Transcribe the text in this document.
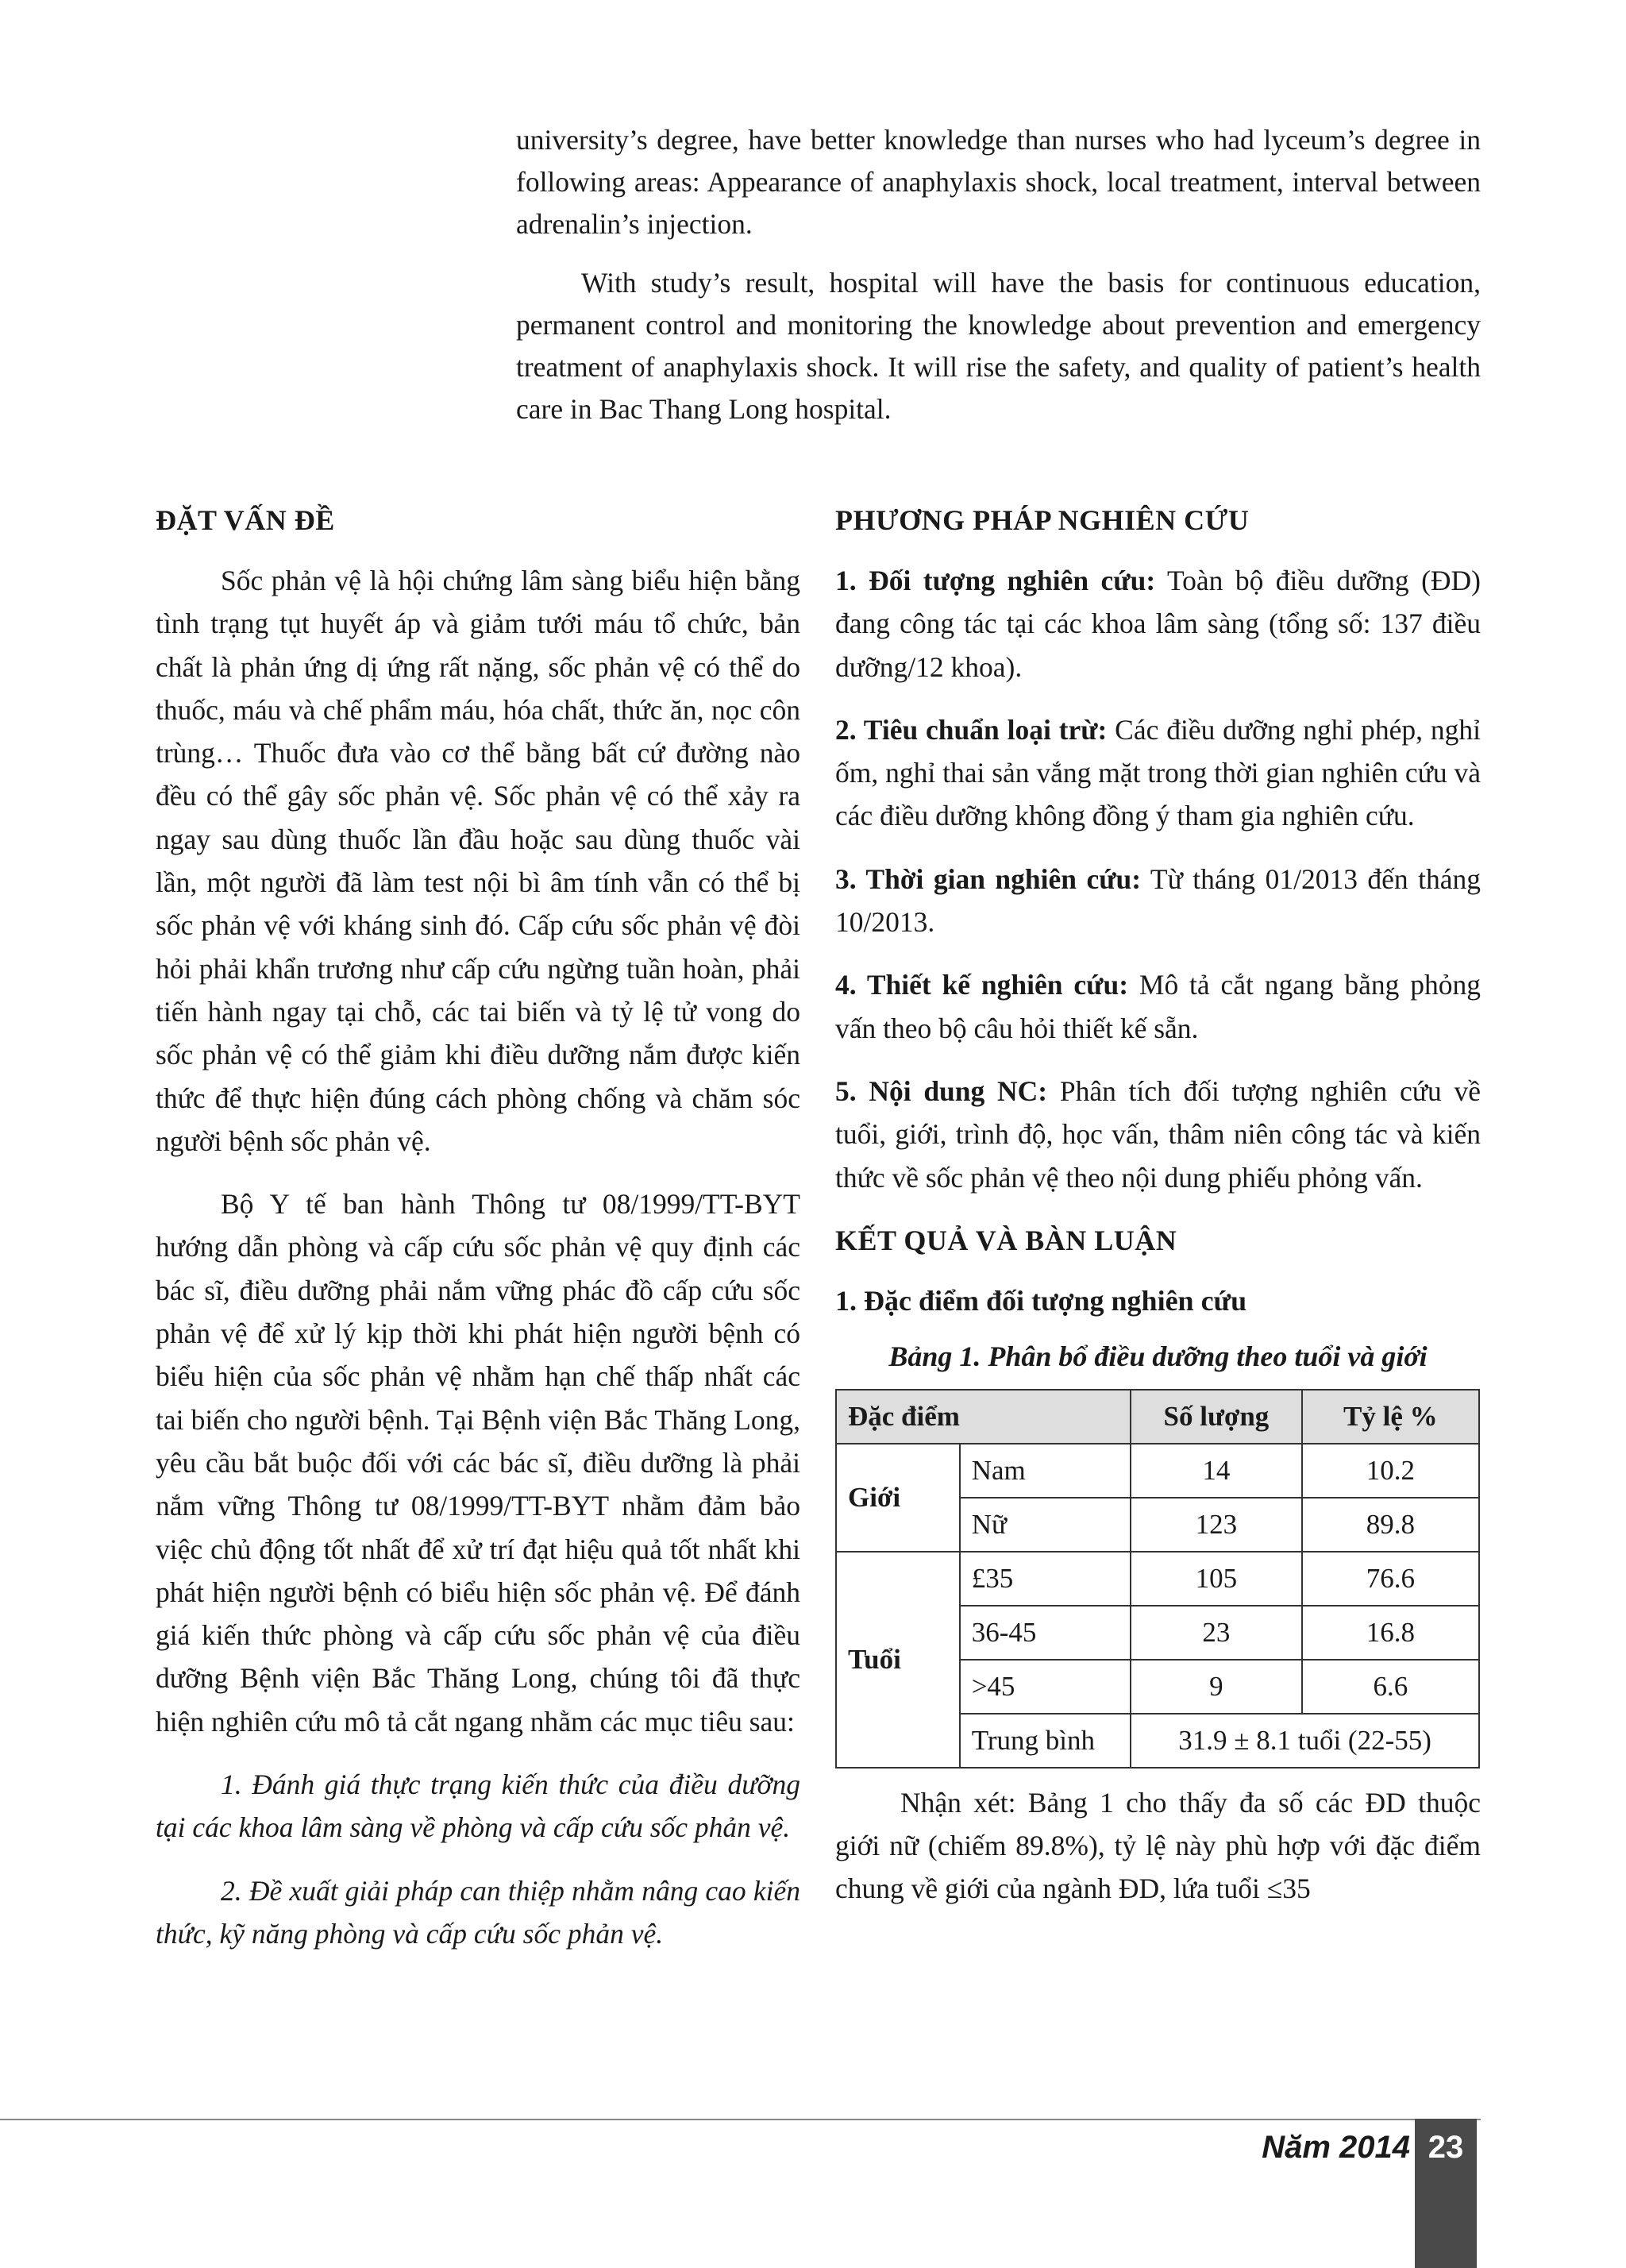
university’s degree, have better knowledge than nurses who had lyceum’s degree in following areas: Appearance of anaphylaxis shock, local treatment, interval between adrenalin’s injection.

With study’s result, hospital will have the basis for continuous education, permanent control and monitoring the knowledge about prevention and emergency treatment of anaphylaxis shock. It will rise the safety, and quality of patient’s health care in Bac Thang Long hospital.

ĐẶT VẤN ĐỀ

Sốc phản vệ là hội chứng lâm sàng biểu hiện bằng tình trạng tụt huyết áp và giảm tưới máu tổ chức, bản chất là phản ứng dị ứng rất nặng, sốc phản vệ có thể do thuốc, máu và chế phẩm máu, hóa chất, thức ăn, nọc côn trùng… Thuốc đưa vào cơ thể bằng bất cứ đường nào đều có thể gây sốc phản vệ. Sốc phản vệ có thể xảy ra ngay sau dùng thuốc lần đầu hoặc sau dùng thuốc vài lần, một người đã làm test nội bì âm tính vẫn có thể bị sốc phản vệ với kháng sinh đó. Cấp cứu sốc phản vệ đòi hỏi phải khẩn trương như cấp cứu ngừng tuần hoàn, phải tiến hành ngay tại chỗ, các tai biến và tỷ lệ tử vong do sốc phản vệ có thể giảm khi điều dưỡng nắm được kiến thức để thực hiện đúng cách phòng chống và chăm sóc người bệnh sốc phản vệ.

Bộ Y tế ban hành Thông tư 08/1999/TT-BYT hướng dẫn phòng và cấp cứu sốc phản vệ quy định các bác sĩ, điều dưỡng phải nắm vững phác đồ cấp cứu sốc phản vệ để xử lý kịp thời khi phát hiện người bệnh có biểu hiện của sốc phản vệ nhằm hạn chế thấp nhất các tai biến cho người bệnh. Tại Bệnh viện Bắc Thăng Long, yêu cầu bắt buộc đối với các bác sĩ, điều dưỡng là phải nắm vững Thông tư 08/1999/TT-BYT nhằm đảm bảo việc chủ động tốt nhất để xử trí đạt hiệu quả tốt nhất khi phát hiện người bệnh có biểu hiện sốc phản vệ. Để đánh giá kiến thức phòng và cấp cứu sốc phản vệ của điều dưỡng Bệnh viện Bắc Thăng Long, chúng tôi đã thực hiện nghiên cứu mô tả cắt ngang nhằm các mục tiêu sau:

1. Đánh giá thực trạng kiến thức của điều dưỡng tại các khoa lâm sàng về phòng và cấp cứu sốc phản vệ.

2. Đề xuất giải pháp can thiệp nhằm nâng cao kiến thức, kỹ năng phòng và cấp cứu sốc phản vệ.

PHƯƠNG PHÁP NGHIÊN CỨU

1. Đối tượng nghiên cứu: Toàn bộ điều dưỡng (ĐD) đang công tác tại các khoa lâm sàng (tổng số: 137 điều dưỡng/12 khoa).

2. Tiêu chuẩn loại trừ: Các điều dưỡng nghỉ phép, nghỉ ốm, nghỉ thai sản vắng mặt trong thời gian nghiên cứu và các điều dưỡng không đồng ý tham gia nghiên cứu.

3. Thời gian nghiên cứu: Từ tháng 01/2013 đến tháng 10/2013.

4. Thiết kế nghiên cứu: Mô tả cắt ngang bằng phỏng vấn theo bộ câu hỏi thiết kế sẵn.

5. Nội dung NC: Phân tích đối tượng nghiên cứu về tuổi, giới, trình độ, học vấn, thâm niên công tác và kiến thức về sốc phản vệ theo nội dung phiếu phỏng vấn.

KẾT QUẢ VÀ BÀN LUẬN
1. Đặc điểm đối tượng nghiên cứu
Bảng 1. Phân bổ điều dưỡng theo tuổi và giới
Đặc điểm		Số lượng	Tỷ lệ %
Giới	Nam	14	10.2
	Nữ	123	89.8
Tuổi	£35	105	76.6
	36-45	23	16.8
	>45	9	6.6
	Trung bình	31.9 ± 8.1 tuổi (22-55)	

Nhận xét: Bảng 1 cho thấy đa số các ĐD thuộc giới nữ (chiếm 89.8%), tỷ lệ này phù hợp với đặc điểm chung về giới của ngành ĐD, lứa tuổi ≤35

Năm 2014 23
